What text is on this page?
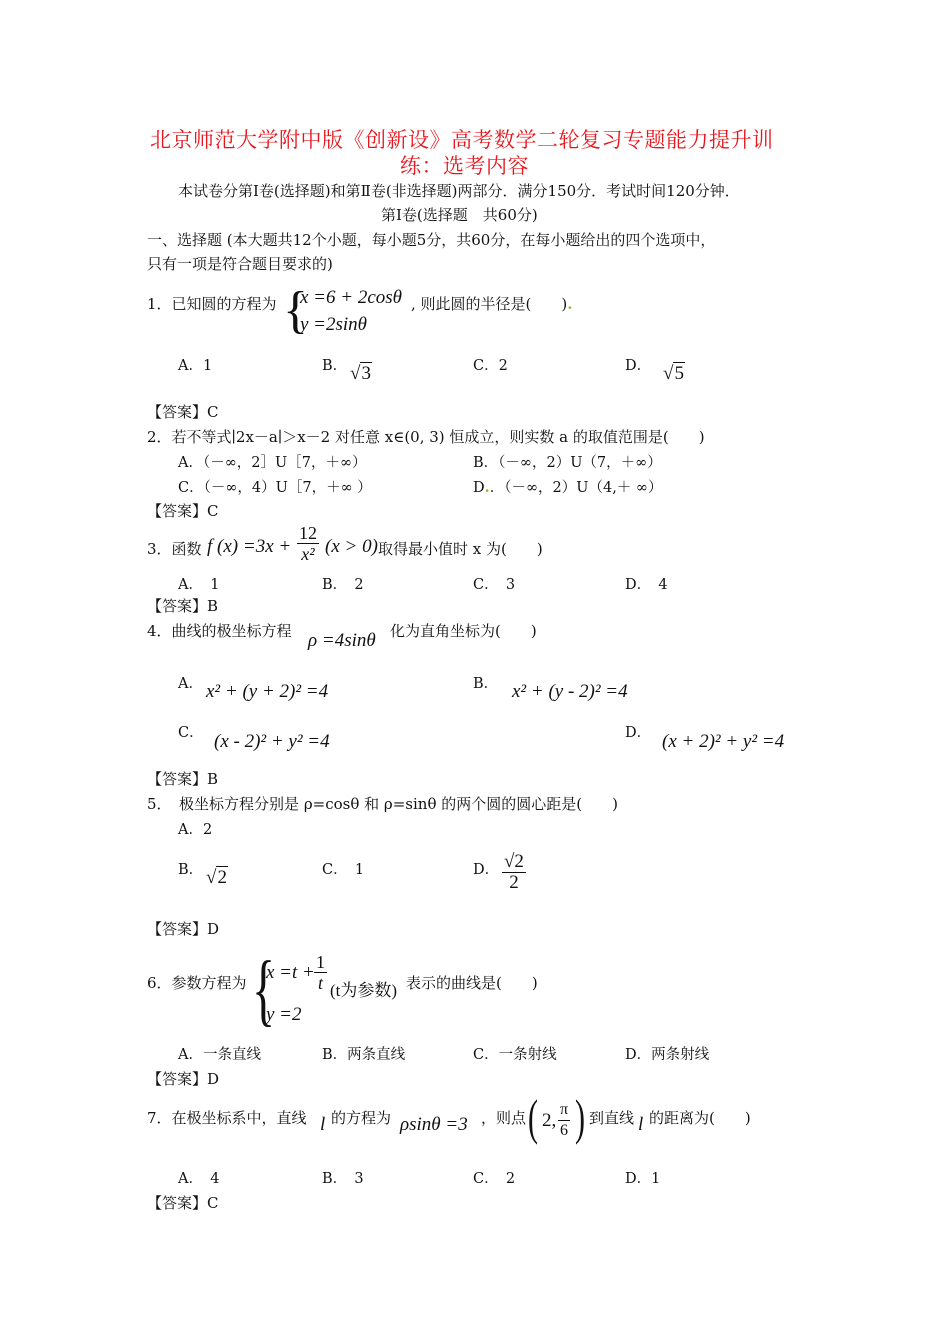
北京师范大学附中版《创新设》高考数学二轮复习专题能力提升训
练：选考内容
本试卷分第Ⅰ卷(选择题)和第Ⅱ卷(非选择题)两部分．满分150分．考试时间120分钟．
第Ⅰ卷(选择题　共60分)
一、选择题 (本大题共12个小题，每小题5分，共60分，在每小题给出的四个选项中，
只有一项是符合题目要求的)
1．已知圆的方程为 {
x =6 + 2cosθ
y =2sinθ
, 则此圆的半径是(　　).
A．1	B． √3	C．2	D． √5
【答案】C
2．若不等式∣2x－a∣＞x－2 对任意 x∈(0, 3) 恒成立，则实数 a 的取值范围是(　　)
A．（－∞，2］U［7，＋∞）	B．（－∞，2）U（7，＋∞）
C．（－∞，4）U［7，＋∞ ）	D.．（－∞，2）U（4,＋ ∞）
【答案】C
3．函数 f $(x) =3x + \frac{12}{\text{x²}} (x > 0)$ 取得最小值时 x 为(　　)
A．　1	B．　2	C．　3	D．　4
【答案】B
4．曲线的极坐标方程 ρ =4sinθ 化为直角坐标为(　　)
A． x² + (y + 2)² =4	B． x² + (y - 2)² =4
C． (x - 2)² + y² =4	D． (x + 2)² + y² =4
【答案】B
5．　极坐标方程分别是 ρ=cosθ 和 ρ=sinθ 的两个圆的圆心距是(　　)
A．2
B． √2	C．　1	D． $\frac{√2}{2}$
【答案】D
6．参数方程为 {
$x =t + \frac{1}{t} (t$为参数)
y =2
表示的曲线是(　　)
A．一条直线	B．两条直线	C．一条射线	D．两条射线
【答案】D
7．在极坐标系中，直线 l 的方程为 ρsinθ =3 ，则点 ( 2, $\frac{\pi}{6}$ ) 到直线 l 的距离为(　　)
A．　4	B．　3	C．　2	D．1
【答案】C
